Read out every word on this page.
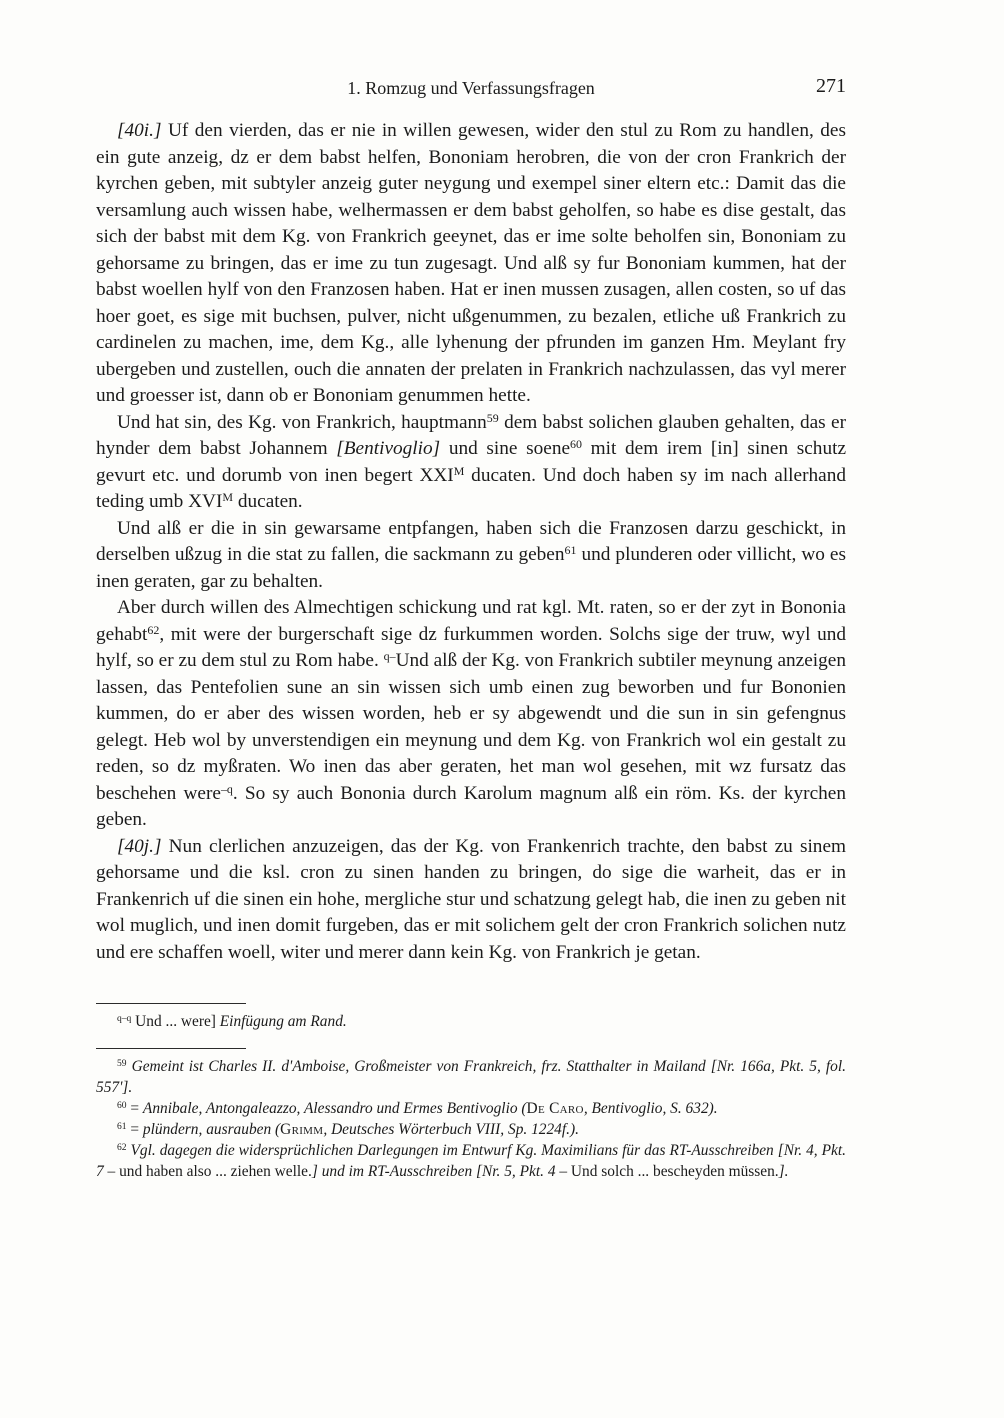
1. Romzug und Verfassungsfragen	271

[40i.] Uf den vierden, das er nie in willen gewesen, wider den stul zu Rom zu handlen, des ein gute anzeig, dz er dem babst helfen, Bononiam herobren, die von der cron Frankrich der kyrchen geben, mit subtyler anzeig guter neygung und exempel siner eltern etc.: Damit das die versamlung auch wissen habe, welhermassen er dem babst geholfen, so habe es dise gestalt, das sich der babst mit dem Kg. von Frankrich geeynet, das er ime solte beholfen sin, Bononiam zu gehorsame zu bringen, das er ime zu tun zugesagt. Und alß sy fur Bononiam kummen, hat der babst woellen hylf von den Franzosen haben. Hat er inen mussen zusagen, allen costen, so uf das hoer goet, es sige mit buchsen, pulver, nicht ußgenummen, zu bezalen, etliche uß Frankrich zu cardinelen zu machen, ime, dem Kg., alle lyhenung der pfrunden im ganzen Hm. Meylant fry ubergeben und zustellen, ouch die annaten der prelaten in Frankrich nachzulassen, das vyl merer und groesser ist, dann ob er Bononiam genummen hette.

Und hat sin, des Kg. von Frankrich, hauptmann$^{59}$ dem babst solichen glauben gehalten, das er hynder dem babst Johannem [Bentivoglio] und sine soene$^{60}$ mit dem irem [in] sinen schutz gevurt etc. und dorumb von inen begert $XXI^M$ ducaten. Und doch haben sy im nach allerhand teding umb $XVI^M$ ducaten.

Und alß er die in sin gewarsame entpfangen, haben sich die Franzosen darzu geschickt, in derselben ußzug in die stat zu fallen, die sackmann zu geben$^{61}$ und plunderen oder villicht, wo es inen geraten, gar zu behalten.

Aber durch willen des Almechtigen schickung und rat kgl. Mt. raten, so er der zyt in Bononia gehabt$^{62}$, mit were der burgerschaft sige dz furkummen worden. Solchs sige der truw, wyl und hylf, so er zu dem stul zu Rom habe. $^{q-}$Und alß der Kg. von Frankrich subtiler meynung anzeigen lassen, das Pentefolien sune an sin wissen sich umb einen zug beworben und fur Bononien kummen, do er aber des wissen worden, heb er sy abgewendt und die sun in sin gefengnus gelegt. Heb wol by unverstendigen ein meynung und dem Kg. von Frankrich wol ein gestalt zu reden, so dz myßraten. Wo inen das aber geraten, het man wol gesehen, mit wz fursatz das beschehen were$^{-q}$. So sy auch Bononia durch Karolum magnum alß ein röm. Ks. der kyrchen geben.

[40j.] Nun clerlichen anzuzeigen, das der Kg. von Frankenrich trachte, den babst zu sinem gehorsame und die ksl. cron zu sinen handen zu bringen, do sige die warheit, das er in Frankenrich uf die sinen ein hohe, mergliche stur und schatzung gelegt hab, die inen zu geben nit wol muglich, und inen domit furgeben, das er mit solichem gelt der cron Frankrich solichen nutz und ere schaffen woell, witer und merer dann kein Kg. von Frankrich je getan.

$^{q-q}$ Und ... were] Einfügung am Rand.

$^{59}$ Gemeint ist Charles II. d'Amboise, Großmeister von Frankreich, frz. Statthalter in Mailand [Nr. 166a, Pkt. 5, fol. 557'].

$^{60}$ = Annibale, Antongaleazzo, Alessandro und Ermes Bentivoglio (De Caro, Bentivoglio, S. 632).

$^{61}$ = plündern, ausrauben (Grimm, Deutsches Wörterbuch VIII, Sp. 1224f.).

$^{62}$ Vgl. dagegen die widersprüchlichen Darlegungen im Entwurf Kg. Maximilians für das RT-Ausschreiben [Nr. 4, Pkt. 7 – und haben also ... ziehen welle.] und im RT-Ausschreiben [Nr. 5, Pkt. 4 – Und solch ... bescheyden müssen.].
